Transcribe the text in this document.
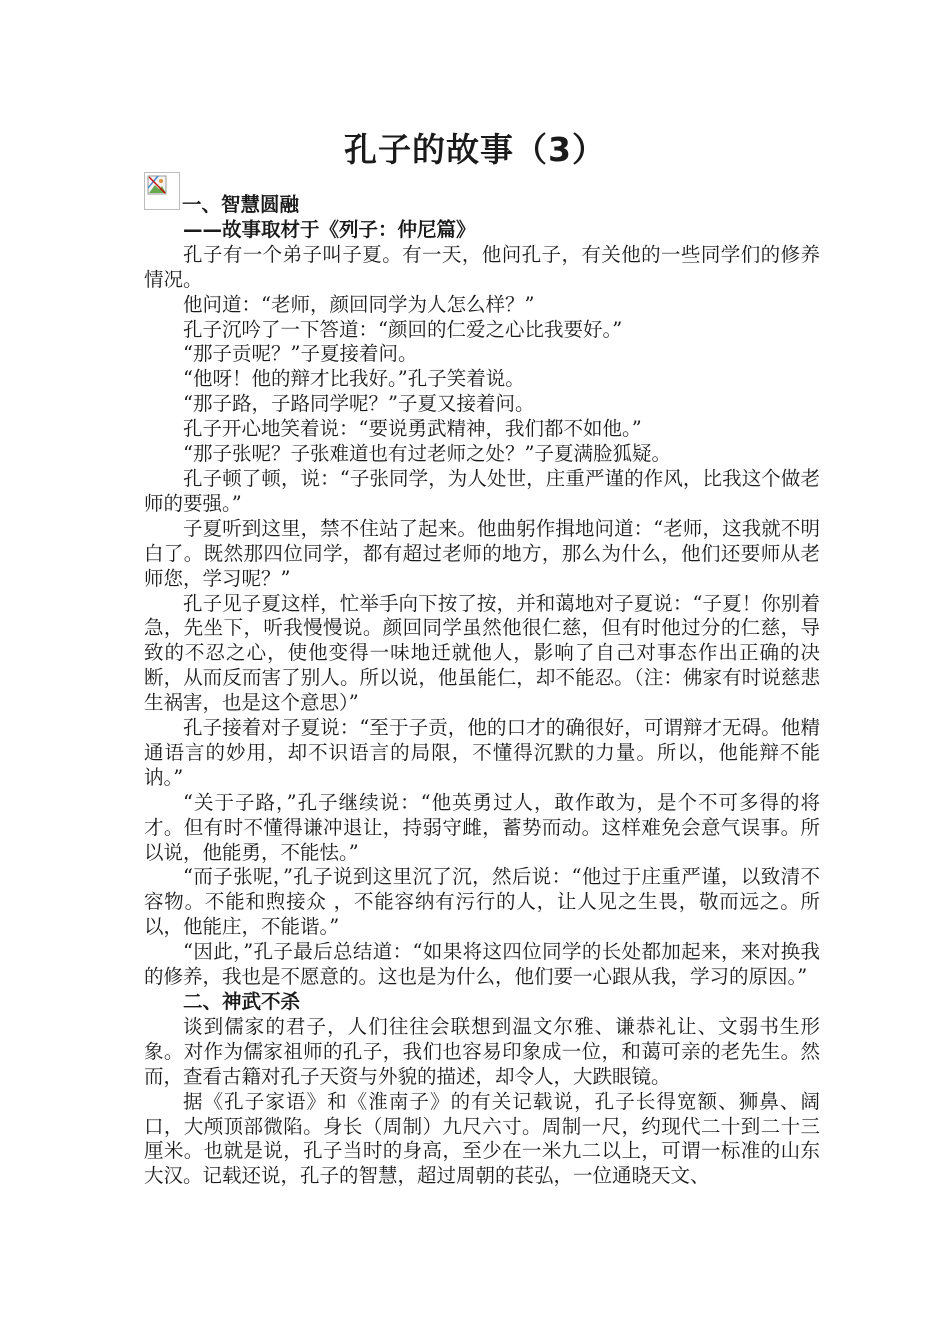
孔子的故事（3）

一、智慧圆融

——故事取材于《列子：仲尼篇》

孔子有一个弟子叫子夏。有一天，他问孔子，有关他的一些同学们的修养情况。

他问道：“老师，颜回同学为人怎么样？”

孔子沉吟了一下答道：“颜回的仁爱之心比我要好。”

“那子贡呢？”子夏接着问。

“他呀！他的辩才比我好。”孔子笑着说。

“那子路，子路同学呢？”子夏又接着问。

孔子开心地笑着说：“要说勇武精神，我们都不如他。”

“那子张呢？子张难道也有过老师之处？”子夏满脸狐疑。

孔子顿了顿，说：“子张同学，为人处世，庄重严谨的作风，比我这个做老师的要强。”

子夏听到这里，禁不住站了起来。他曲躬作揖地问道：“老师，这我就不明白了。既然那四位同学，都有超过老师的地方，那么为什么，他们还要师从老师您，学习呢？”

孔子见子夏这样，忙举手向下按了按，并和蔼地对子夏说：“子夏！你别着急，先坐下，听我慢慢说。颜回同学虽然他很仁慈，但有时他过分的仁慈，导致的不忍之心，使他变得一味地迁就他人，影响了自己对事态作出正确的决断，从而反而害了别人。所以说，他虽能仁，却不能忍。（注：佛家有时说慈悲生祸害，也是这个意思）”

孔子接着对子夏说：“至于子贡，他的口才的确很好，可谓辩才无碍。他精通语言的妙用，却不识语言的局限，不懂得沉默的力量。所以，他能辩不能讷。”

“关于子路，”孔子继续说：“他英勇过人，敢作敢为，是个不可多得的将才。但有时不懂得谦冲退让，持弱守雌，蓄势而动。这样难免会意气误事。所以说，他能勇，不能怯。”

“而子张呢，”孔子说到这里沉了沉，然后说：“他过于庄重严谨，以致清不容物。不能和煦接众 ，不能容纳有污行的人，让人见之生畏，敬而远之。所以，他能庄，不能谐。”

“因此，”孔子最后总结道：“如果将这四位同学的长处都加起来，来对换我的修养，我也是不愿意的。这也是为什么，他们要一心跟从我，学习的原因。”

二、神武不杀

谈到儒家的君子，人们往往会联想到温文尔雅、谦恭礼让、文弱书生形象。对作为儒家祖师的孔子，我们也容易印象成一位，和蔼可亲的老先生。然而，查看古籍对孔子天资与外貌的描述，却令人，大跌眼镜。

据《孔子家语》和《淮南子》的有关记载说，孔子长得宽额、狮鼻、阔口，大颅顶部微陷。身长（周制）九尺六寸。周制一尺，约现代二十到二十三厘米。也就是说，孔子当时的身高，至少在一米九二以上，可谓一标准的山东大汉。记载还说，孔子的智慧，超过周朝的苌弘，一位通晓天文、
